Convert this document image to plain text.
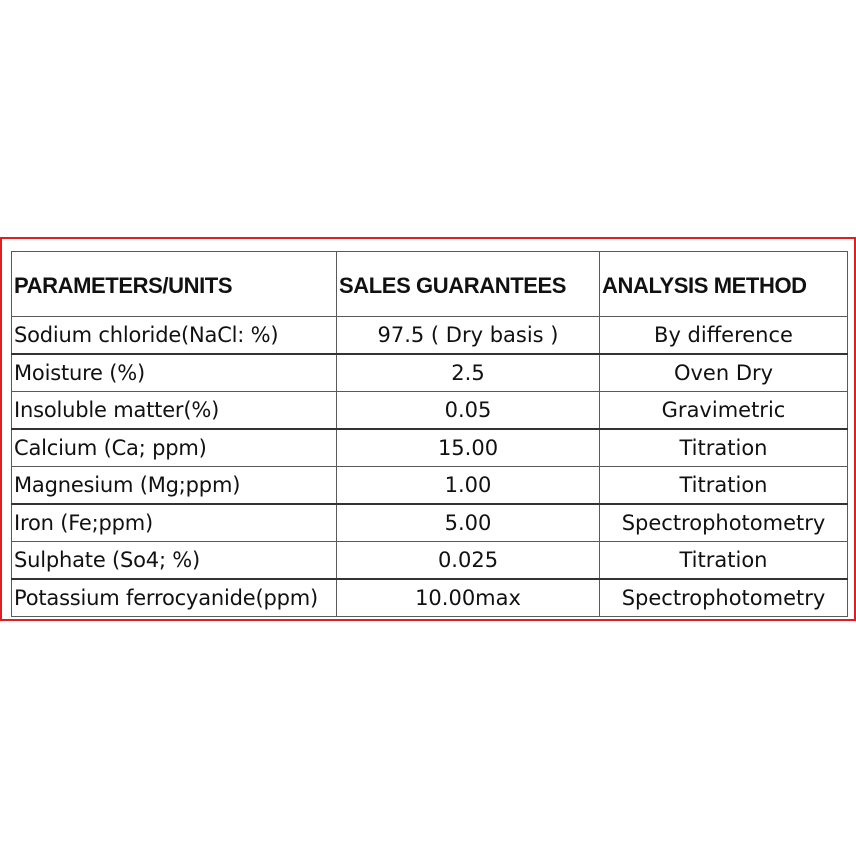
PARAMETERS/UNITS	SALES GUARANTEES	ANALYSIS METHOD
Sodium chloride(NaCl: %)	97.5 ( Dry basis )	By difference
Moisture (%)	2.5	Oven Dry
Insoluble matter(%)	0.05	Gravimetric
Calcium (Ca; ppm)	15.00	Titration
Magnesium (Mg;ppm)	1.00	Titration
Iron (Fe;ppm)	5.00	Spectrophotometry
Sulphate (So4; %)	0.025	Titration
Potassium ferrocyanide(ppm)	10.00max	Spectrophotometry
